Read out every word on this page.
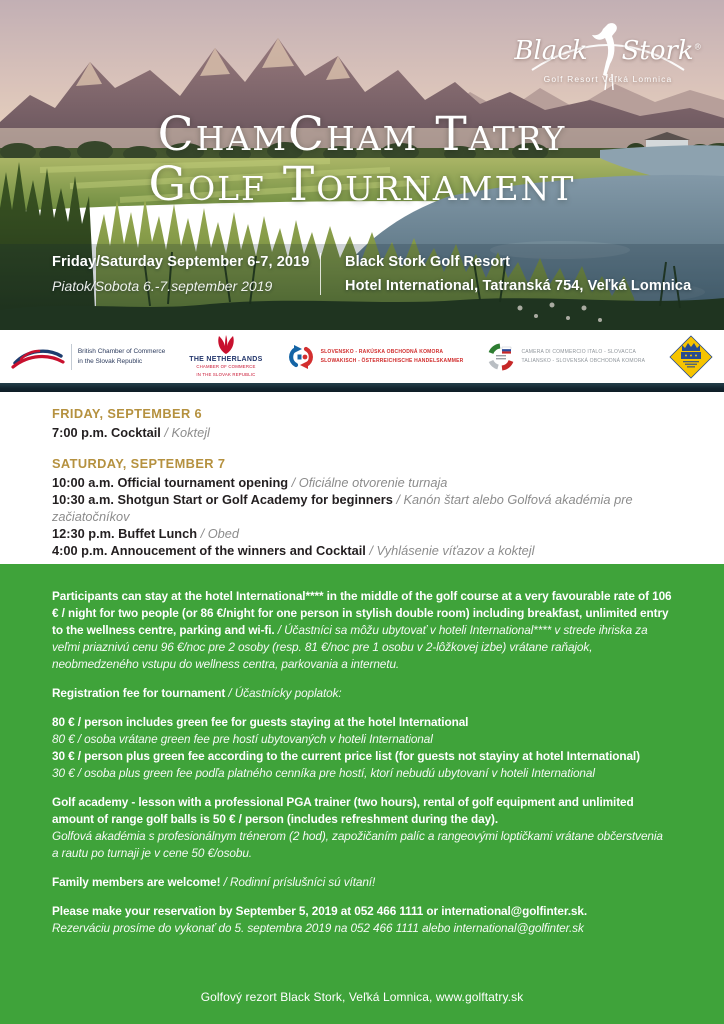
Black Stork®
Golf Resort Veľká Lomnica
ChamCham Tatry
Golf Tournament
Friday/Saturday September 6-7, 2019
Piatok/Sobota 6.-7.september 2019
Black Stork Golf Resort
Hotel International, Tatranská 754, Veľká Lomnica
British Chamber of Commerce
in the Slovak Republic	THE NETHERLANDS
CHAMBER OF COMMERCE
IN THE SLOVAK REPUBLIC
SLOVENSKO - RAKÚSKA OBCHODNÁ KOMORA
SLOWAKISCH - ÖSTERREICHISCHE HANDELSKAMMER
CAMERA DI COMMERCIO ITALO - SLOVACCA
TALIANSKO - SLOVENSKÁ OBCHODNÁ KOMORA
FRIDAY, SEPTEMBER 6
7:00 p.m. Cocktail / Koktejl
SATURDAY, SEPTEMBER 7
10:00 a.m. Official tournament opening / Oficiálne otvorenie turnaja
10:30 a.m. Shotgun Start or Golf Academy for beginners / Kanón štart alebo Golfová akadémia pre začiatočníkov
12:30 p.m. Buffet Lunch / Obed
4:00 p.m. Annoucement of the winners and Cocktail / Vyhlásenie víťazov a koktejl

Participants can stay at the hotel International**** in the middle of the golf course at a very favourable rate of 106 € / night for two people (or 86 €/night for one person in stylish double room) including breakfast, unlimited entry to the wellness centre, parking and wi-fi. / Účastníci sa môžu ubytovať v hoteli International**** v strede ihriska za veľmi priaznivú cenu 96 €/noc pre 2 osoby (resp. 81 €/noc pre 1 osobu v 2-lôžkovej izbe) vrátane raňajok, neobmedzeného vstupu do wellness centra, parkovania a internetu.

Registration fee for tournament / Účastnícky poplatok:

80 € / person includes green fee for guests staying at the hotel International
80 € / osoba vrátane green fee pre hostí ubytovaných v hoteli International
30 € / person plus green fee according to the current price list (for guests not stayiny at hotel International)
30 € / osoba plus green fee podľa platného cenníka pre hostí, ktorí nebudú ubytovaní v hoteli International

Golf academy - lesson with a professional PGA trainer (two hours), rental of golf equipment and unlimited amount of range golf balls is 50 € / person (includes refreshment during the day).
Golfová akadémia s profesionálnym trénerom (2 hod), zapožičaním palíc a rangeovými loptičkami vrátane občerstvenia a rautu po turnaji je v cene 50 €/osobu.

Family members are welcome! / Rodinní príslušníci sú vítaní!

Please make your reservation by September 5, 2019 at 052 466 1111 or international@golfinter.sk.
Rezerváciu prosíme do vykonať do 5. septembra 2019 na 052 466 1111 alebo international@golfinter.sk

Golfový rezort Black Stork, Veľká Lomnica, www.golftatry.sk
